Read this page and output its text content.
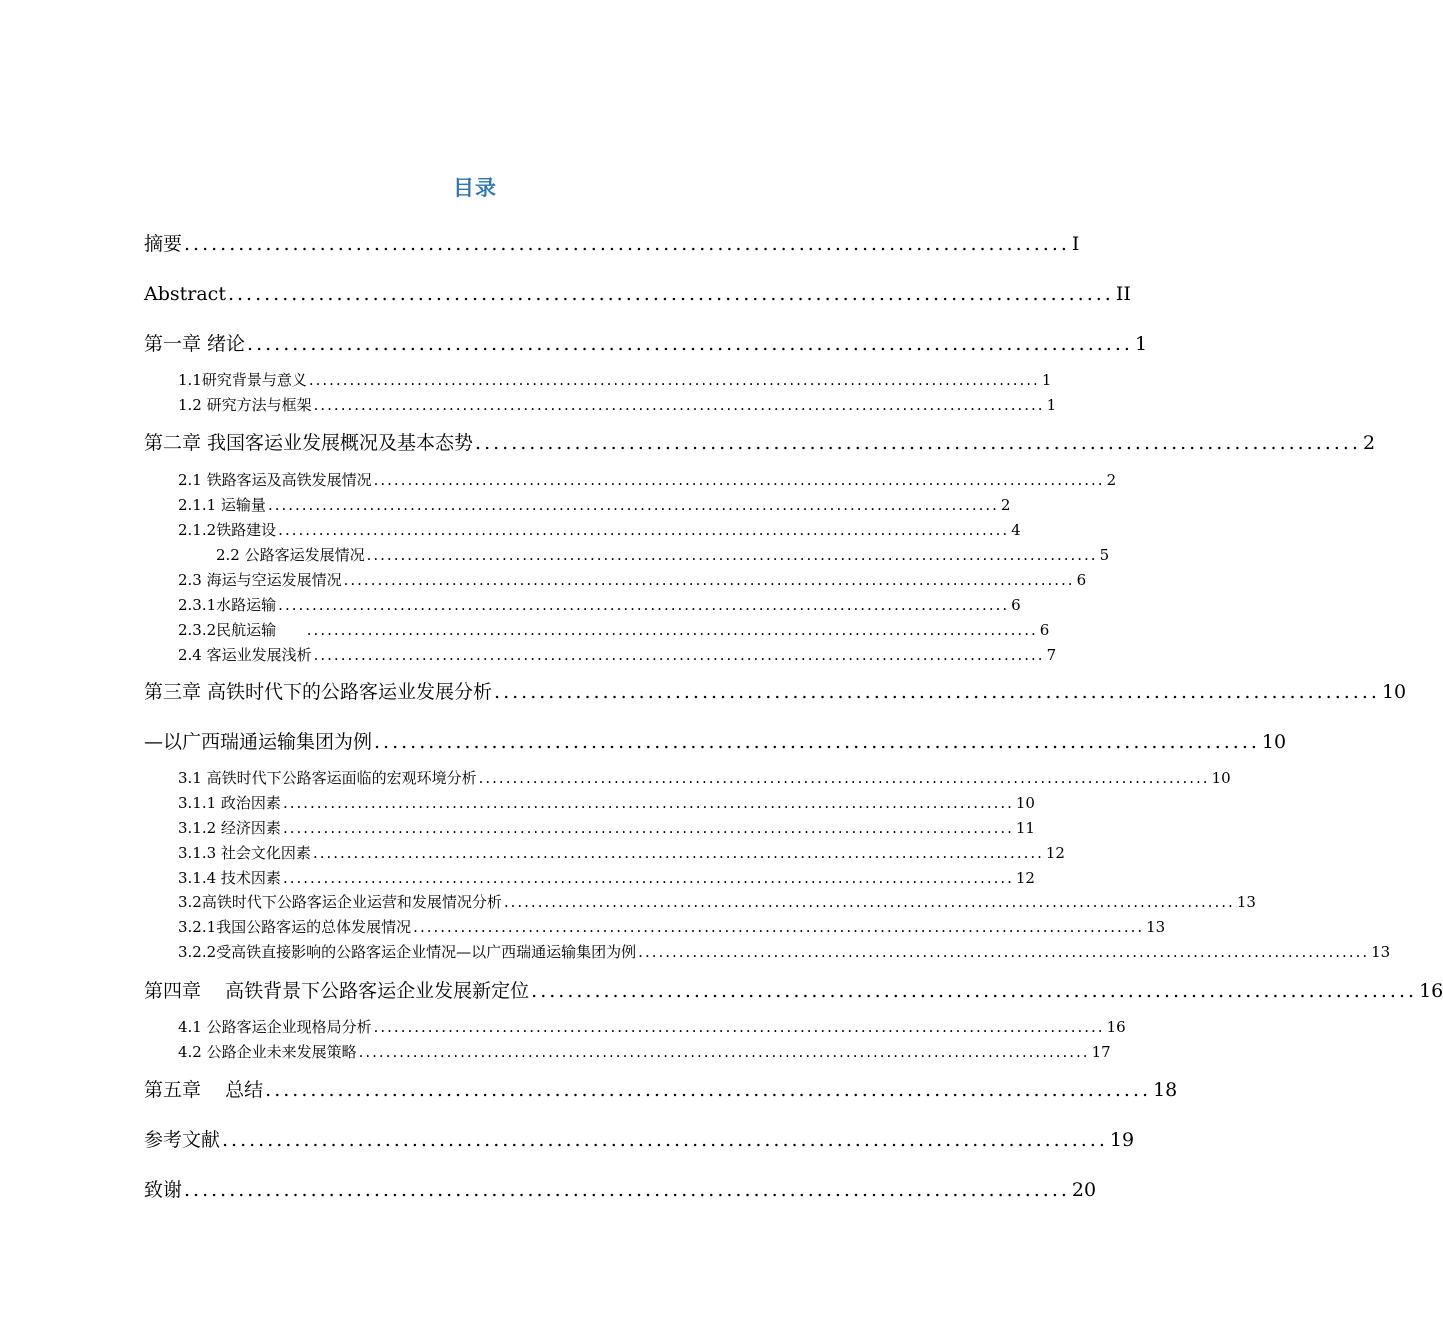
目录
摘要 .................................................................................................. I
Abstract .................................................................................................. II
第一章 绪论 .................................................................................................. 1
1.1研究背景与意义 ............................................................................................................ 1
1.2 研究方法与框架 ............................................................................................................ 1
第二章 我国客运业发展概况及基本态势 .................................................................................................. 2
2.1 铁路客运及高铁发展情况 ............................................................................................................ 2
2.1.1 运输量 ............................................................................................................ 2
2.1.2铁路建设 ............................................................................................................ 4
2.2 公路客运发展情况 ............................................................................................................ 5
2.3 海运与空运发展情况 ............................................................................................................ 6
2.3.1水路运输 ............................................................................................................ 6
2.3.2民航运输 ............................................................................................................ 6
2.4 客运业发展浅析 ............................................................................................................ 7
第三章 高铁时代下的公路客运业发展分析 .................................................................................................. 10
—以广西瑞通运输集团为例 .................................................................................................. 10
3.1 高铁时代下公路客运面临的宏观环境分析 ............................................................................................................ 10
3.1.1 政治因素 ............................................................................................................ 10
3.1.2 经济因素 ............................................................................................................ 11
3.1.3 社会文化因素 ............................................................................................................ 12
3.1.4 技术因素 ............................................................................................................ 12
3.2高铁时代下公路客运企业运营和发展情况分析 ............................................................................................................ 13
3.2.1我国公路客运的总体发展情况 ............................................................................................................ 13
3.2.2受高铁直接影响的公路客运企业情况—以广西瑞通运输集团为例 ............................................................................................................ 13
第四章    高铁背景下公路客运企业发展新定位 .................................................................................................. 16
4.1 公路客运企业现格局分析 ............................................................................................................ 16
4.2 公路企业未来发展策略 ............................................................................................................ 17
第五章    总结 .................................................................................................. 18
参考文献 .................................................................................................. 19
致谢 .................................................................................................. 20
